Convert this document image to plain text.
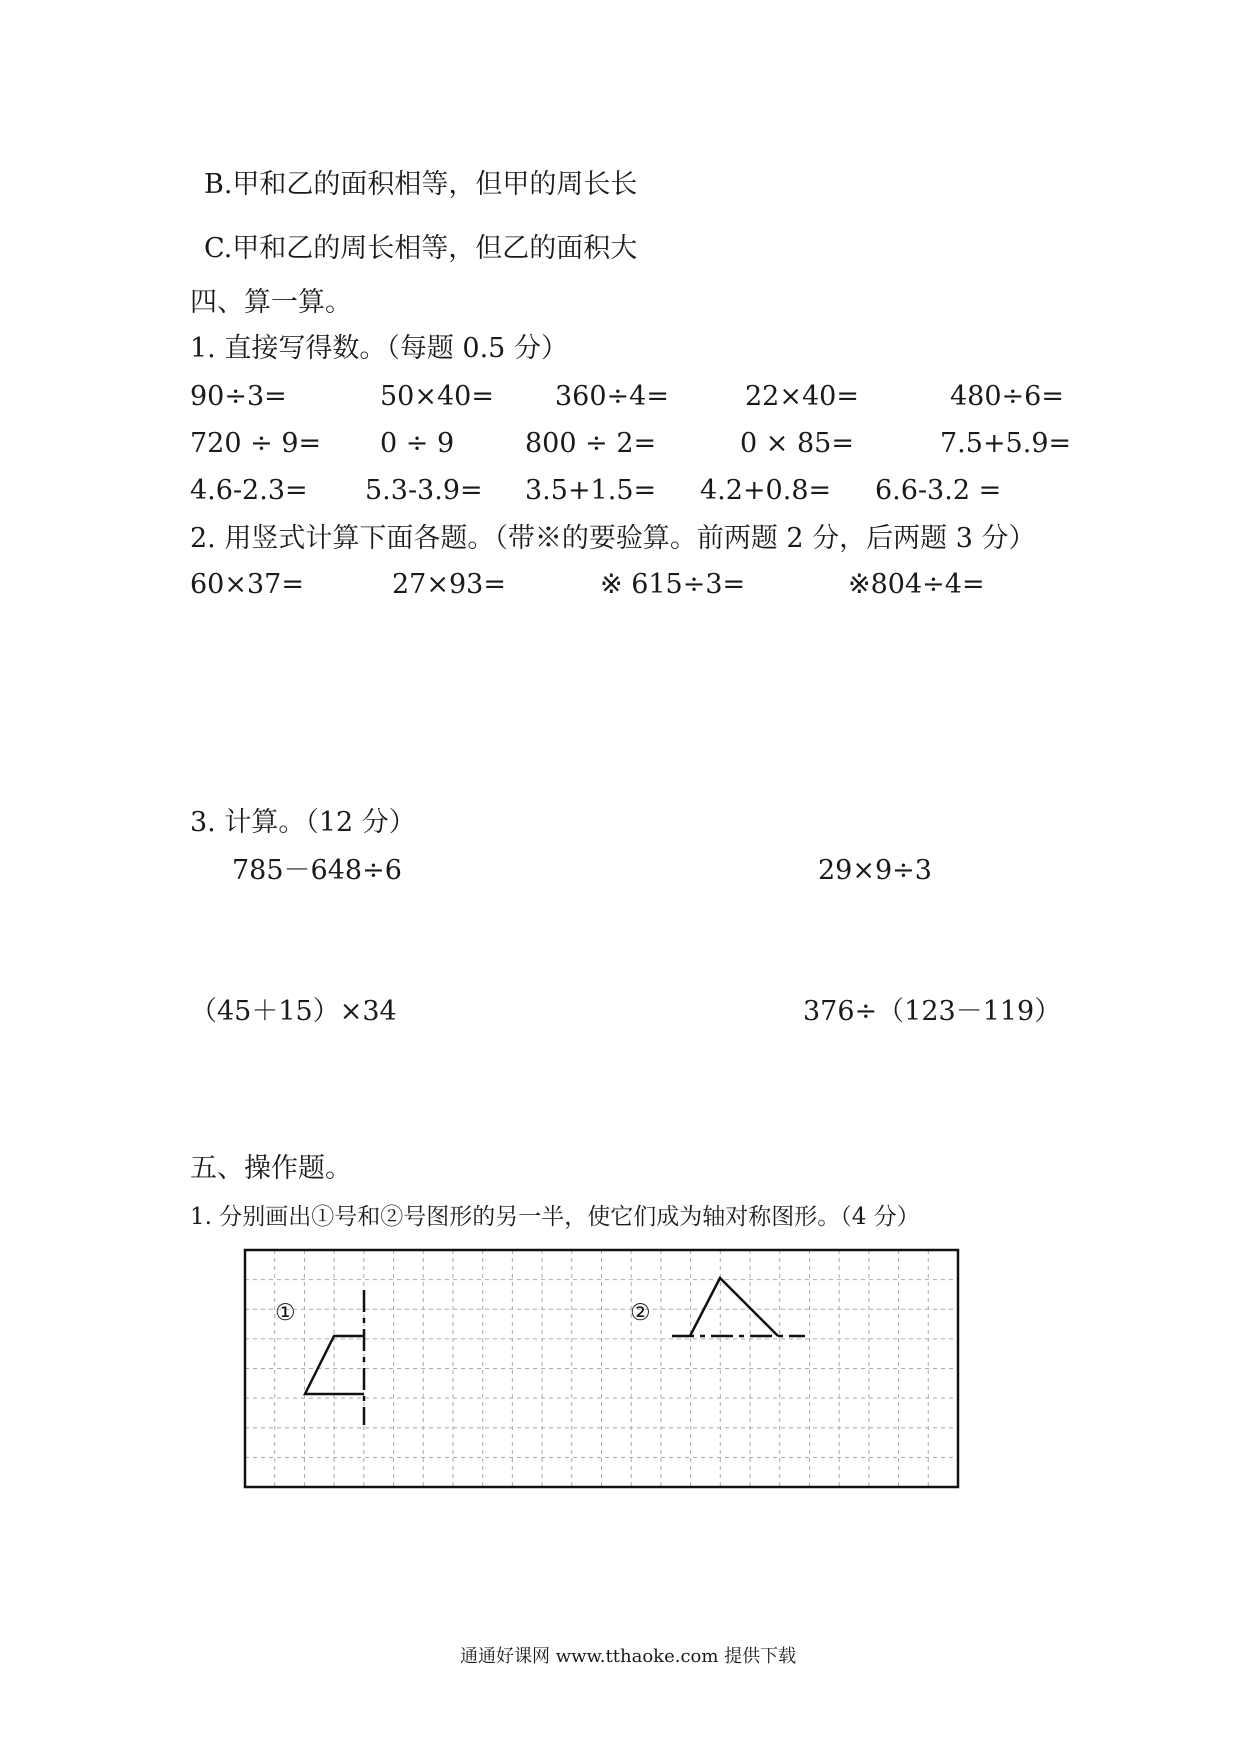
B.甲和乙的面积相等，但甲的周长长
C.甲和乙的周长相等，但乙的面积大
四、算一算。
1. 直接写得数。（每题 0.5 分）
90÷3=	50×40= 360÷4=	22×40=	480÷6=
720 ÷ 9= 0 ÷ 9	800 ÷ 2=	0 × 85=	7.5+5.9=
4.6-2.3= 5.3-3.9= 3.5+1.5= 4.2+0.8= 6.6-3.2 =
2. 用竖式计算下面各题。（带※的要验算。前两题 2 分，后两题 3 分）
60×37=	27×93=	※ 615÷3=	※804÷4=
3. 计算。（12 分）
785－648÷6	29×9÷3
（45＋15）×34	376÷（123－119）
五、操作题。
1. 分别画出①号和②号图形的另一半，使它们成为轴对称图形。（4 分）
①	②
通通好课网 www.tthaoke.com 提供下载
